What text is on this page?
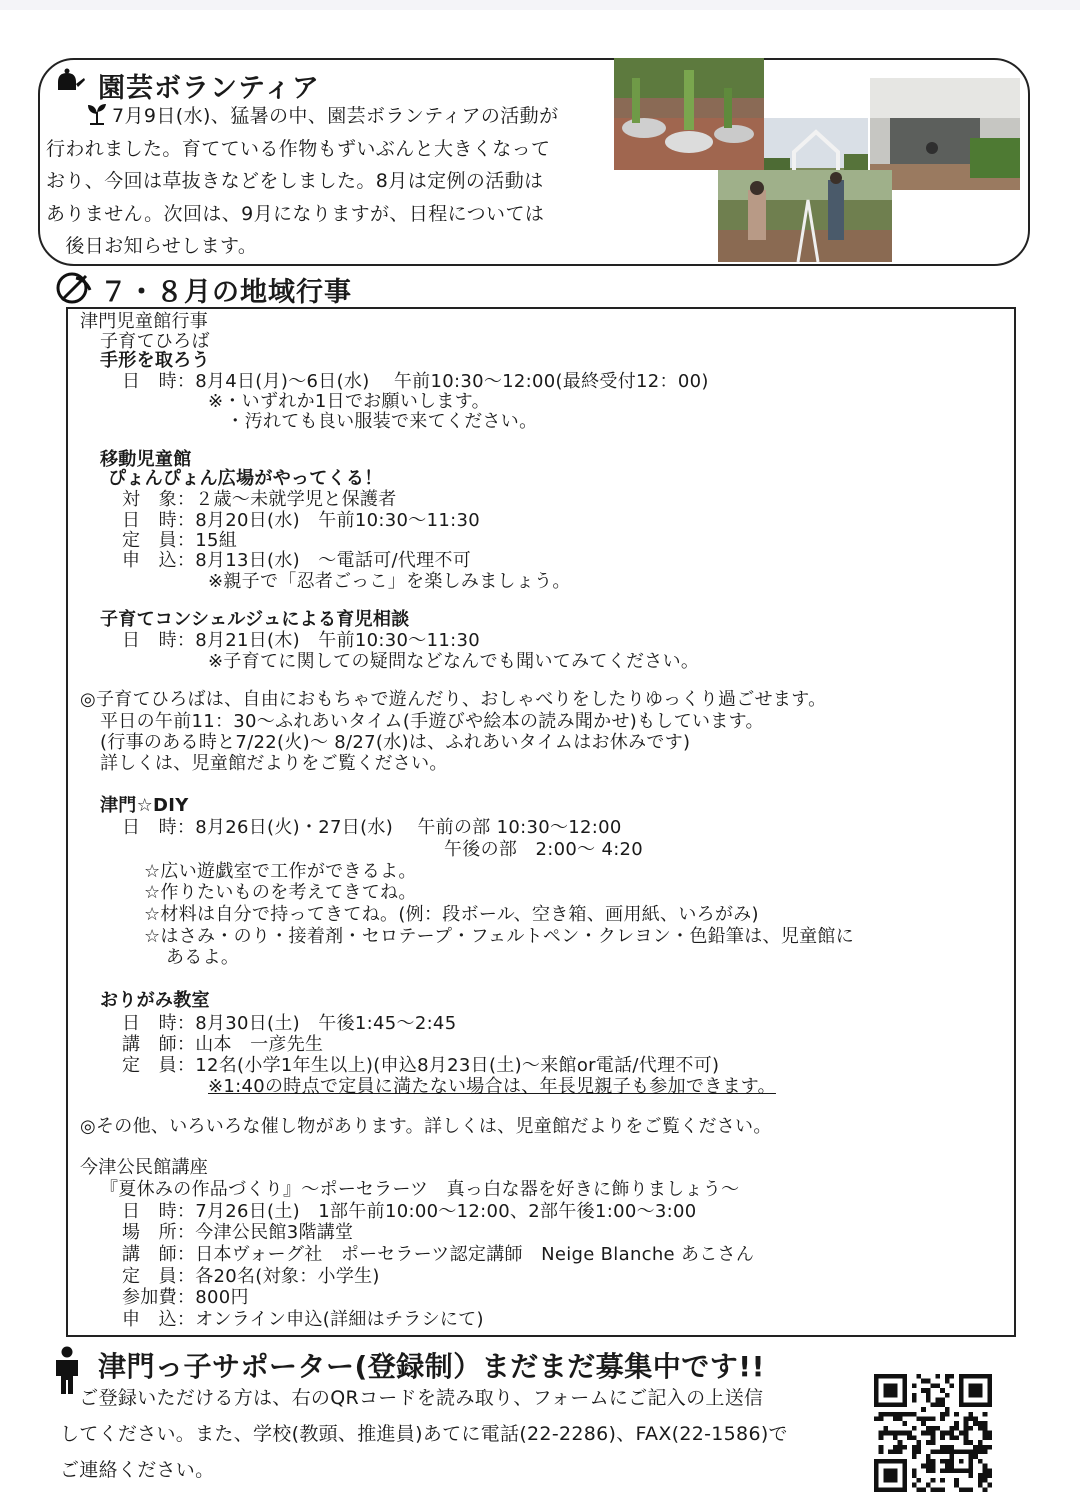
園芸ボランティア
7月9日(水)、猛暑の中、園芸ボランティアの活動が
行われました。育てている作物もずいぶんと大きくなって
おり、今回は草抜きなどをしました。8月は定例の活動は
ありません。次回は、9月になりますが、日程については
　後日お知らせします。
７・８月の地域行事
津門児童館行事
子育てひろば
手形を取ろう
日　時：8月4日(月)～6日(水)　 午前10:30～12:00(最終受付12：00)
※・いずれか1日でお願いします。
　・汚れても良い服装で来てください。
移動児童館
ぴょんぴょん広場がやってくる！
対　象：２歳～未就学児と保護者
日　時：8月20日(水)　午前10:30～11:30
定　員：15組
申　込：8月13日(水)　～電話可/代理不可
※親子で「忍者ごっこ」を楽しみましょう。
子育てコンシェルジュによる育児相談
日　時：8月21日(木)　午前10:30～11:30
※子育てに関しての疑問などなんでも聞いてみてください。
◎子育てひろばは、自由におもちゃで遊んだり、おしゃべりをしたりゆっくり過ごせます。
平日の午前11：30～ふれあいタイム(手遊びや絵本の読み聞かせ)もしています。
(行事のある時と7/22(火)～ 8/27(水)は、ふれあいタイムはお休みです)
詳しくは、児童館だよりをご覧ください。
津門☆DIY
日　時：8月26日(火)・27日(水)　 午前の部 10:30～12:00
午後の部　2:00～ 4:20
☆広い遊戯室で工作ができるよ。
☆作りたいものを考えてきてね。
☆材料は自分で持ってきてね。(例：段ボール、空き箱、画用紙、いろがみ)
☆はさみ・のり・接着剤・セロテープ・フェルトペン・クレヨン・色鉛筆は、児童館に
あるよ。
おりがみ教室
日　時：8月30日(土)　午後1:45～2:45
講　師：山本　一彦先生
定　員：12名(小学1年生以上)(申込8月23日(土)～来館or電話/代理不可)
※1:40の時点で定員に満たない場合は、年長児親子も参加できます。
◎その他、いろいろな催し物があります。詳しくは、児童館だよりをご覧ください。
今津公民館講座
『夏休みの作品づくり』～ポーセラーツ　真っ白な器を好きに飾りましょう～
日　時：7月26日(土)　1部午前10:00～12:00、2部午後1:00～3:00
場　所：今津公民館3階講堂
講　師：日本ヴォーグ社　ポーセラーツ認定講師　Neige Blanche あこさん
定　員：各20名(対象：小学生)
参加費：800円
申　込：オンライン申込(詳細はチラシにて)
津門っ子サポーター(登録制）まだまだ募集中です!!
　ご登録いただける方は、右のQRコードを読み取り、フォームにご記入の上送信
してください。また、学校(教頭、推進員)あてに電話(22-2286)、FAX(22-1586)で
ご連絡ください。
